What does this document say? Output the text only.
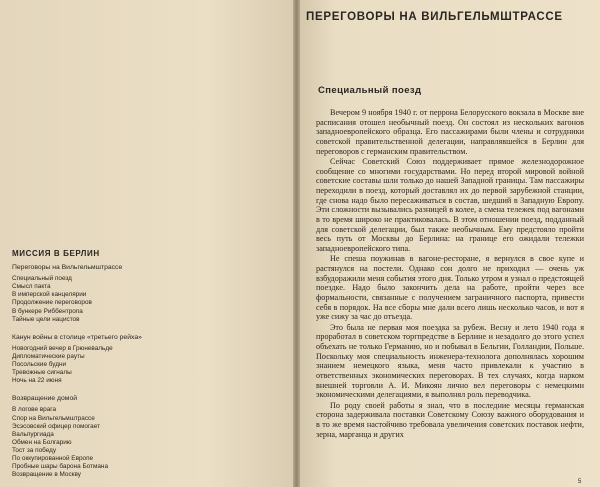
МИССИЯ В БЕРЛИН
Переговоры на Вильгельмштрассе
Специальный поезд
Смысл пакта
В имперской канцелярии
Продолжение переговоров
В бункере Риббентропа
Тайные цели нацистов
Канун войны в столице «третьего рейха»
Новогодний вечер в Грюневальде
Дипломатические рауты
Посольские будни
Тревожные сигналы
Ночь на 22 июня
Возвращение домой
В логове врага
Спор на Вильгельмштрассе
Эсэсовский офицер помогает
Вальпургиада
Обмен на Болгарию
Тост за победу
По оккупированной Европе
Пробные шары барона Ботмана
Возвращение в Москву
ПЕРЕГОВОРЫ НА ВИЛЬГЕЛЬМШТРАССЕ
Специальный поезд

Вечером 9 ноября 1940 г. от перрона Белорусского вокзала в Москве вне расписания отошел необычный поезд. Он состоял из нескольких вагонов западноевропейского образца. Его пассажирами были члены и сотрудники советской правительственной делегации, направлявшейся в Берлин для переговоров с германским правительством.

Сейчас Советский Союз поддерживает прямое железнодорожное сообщение со многими государствами. Но перед второй мировой войной советские составы шли только до нашей Западной границы. Там пассажиры переходили в поезд, который доставлял их до первой зарубежной станции, где снова надо было пересаживаться в состав, шедший в Западную Европу. Эти сложности вызывались разницей в колее, а смена тележек под вагонами в то время широко не практиковалась. В этом отношении поезд, подданный для советской делегации, был также необычным. Ему предстояло пройти весь путь от Москвы до Берлина: на границе его ожидали тележки западноевропейского типа.

Не спеша поужинав в вагоне-ресторане, я вернулся в свое купе и растянулся на постели. Однако сон долго не приходил — очень уж взбудоражили меня события этого дня. Только утром я узнал о предстоящей поездке. Надо было закончить дела на работе, пройти через все формальности, связанные с получением заграничного паспорта, привести себя в порядок. На все сборы мне дали всего лишь несколько часов, и вот я уже сижу за час до отъезда.

Это была не первая моя поездка за рубеж. Весну и лето 1940 года я проработал в советском торгпредстве в Берлине и незадолго до этого успел объехать не только Германию, но и побывал в Бельгии, Голландии, Польше. Поскольку моя специальность инженера-технолога дополнялась хорошим знанием немецкого языка, меня часто привлекали к участию в ответственных экономических переговорах. В тех случаях, когда нарком внешней торговли А. И. Микоян лично вел переговоры с немецкими экономическими делегациями, я выполнял роль переводчика.

По роду своей работы я знал, что в последние месяцы германская сторона задерживала поставки Советскому Союзу важного оборудования и в то же время настойчиво требовала увеличения советских поставок нефти, зерна, марганца и других

5
